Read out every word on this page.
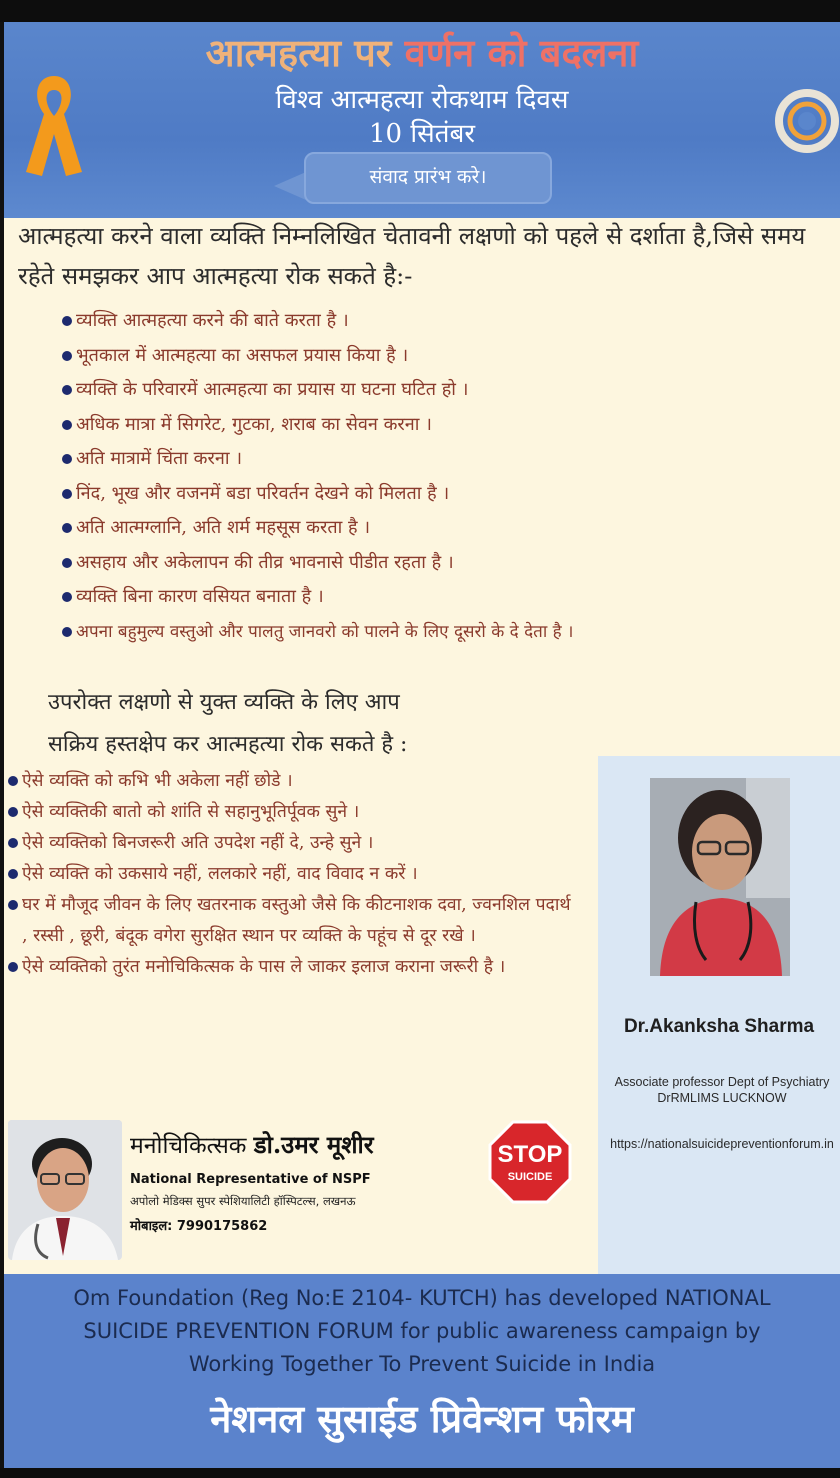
आत्महत्या पर वर्णन को बदलना
विश्व आत्महत्या रोकथाम दिवस
10 सितंबर
संवाद प्रारंभ करे।
आत्महत्या करने वाला व्यक्ति निम्नलिखित चेतावनी लक्षणो को पहले से दर्शाता है,जिसे समय रहेते समझकर आप आत्महत्या रोक सकते है:-
व्यक्ति आत्महत्या करने की बाते करता है ।
भूतकाल में आत्महत्या का असफल प्रयास किया है ।
व्यक्ति के परिवारमें आत्महत्या का प्रयास या घटना घटित हो ।
अधिक मात्रा में सिगरेट, गुटका, शराब का सेवन करना ।
अति मात्रामें चिंता करना ।
निंद, भूख और वजनमें बडा परिवर्तन देखने को मिलता है ।
अति आत्मग्लानि, अति शर्म महसूस करता है ।
असहाय और अकेलापन की तीव्र भावनासे पीडीत रहता है ।
व्यक्ति बिना कारण वसियत बनाता है ।
अपना बहुमुल्य वस्तुओ और पालतु जानवरो को पालने के लिए दूसरो के दे देता है ।
उपरोक्त लक्षणो से युक्त व्यक्ति के लिए आप
सक्रिय हस्तक्षेप कर आत्महत्या रोक सकते है :
ऐसे व्यक्ति को कभि भी अकेला नहीं छोडे ।
ऐसे व्यक्तिकी बातो को शांति से सहानुभूतिर्पूवक सुने ।
ऐसे व्यक्तिको बिनजरूरी अति उपदेश नहीं दे, उन्हे सुने ।
ऐसे व्यक्ति को उकसाये नहीं, ललकारे नहीं, वाद विवाद न करें ।
घर में मौजूद जीवन के लिए खतरनाक वस्तुओ जैसे कि कीटनाशक दवा, ज्वनशिल पदार्थ , रस्सी , छूरी, बंदूक वगेरा सुरक्षित स्थान पर व्यक्ति के पहूंच से दूर रखे ।
ऐसे व्यक्तिको तुरंत मनोचिकित्सक के पास ले जाकर इलाज कराना जरूरी है ।
Dr.Akanksha Sharma
Associate professor Dept of Psychiatry DrRMLIMS LUCKNOW
https://nationalsuicidepreventionforum.in
मनोचिकित्सक डो.उमर मूशीर
National Representative of NSPF
अपोलो मेडिक्स सुपर स्पेशियालिटी हॉस्पिटल्स, लखनऊ
मोबाइल: 7990175862
STOP
SUICIDE
Om Foundation (Reg No:E 2104- KUTCH) has developed NATIONAL
SUICIDE PREVENTION FORUM for public awareness campaign by
Working Together To Prevent Suicide in India
नेशनल सुसाईड प्रिवेन्शन फोरम
